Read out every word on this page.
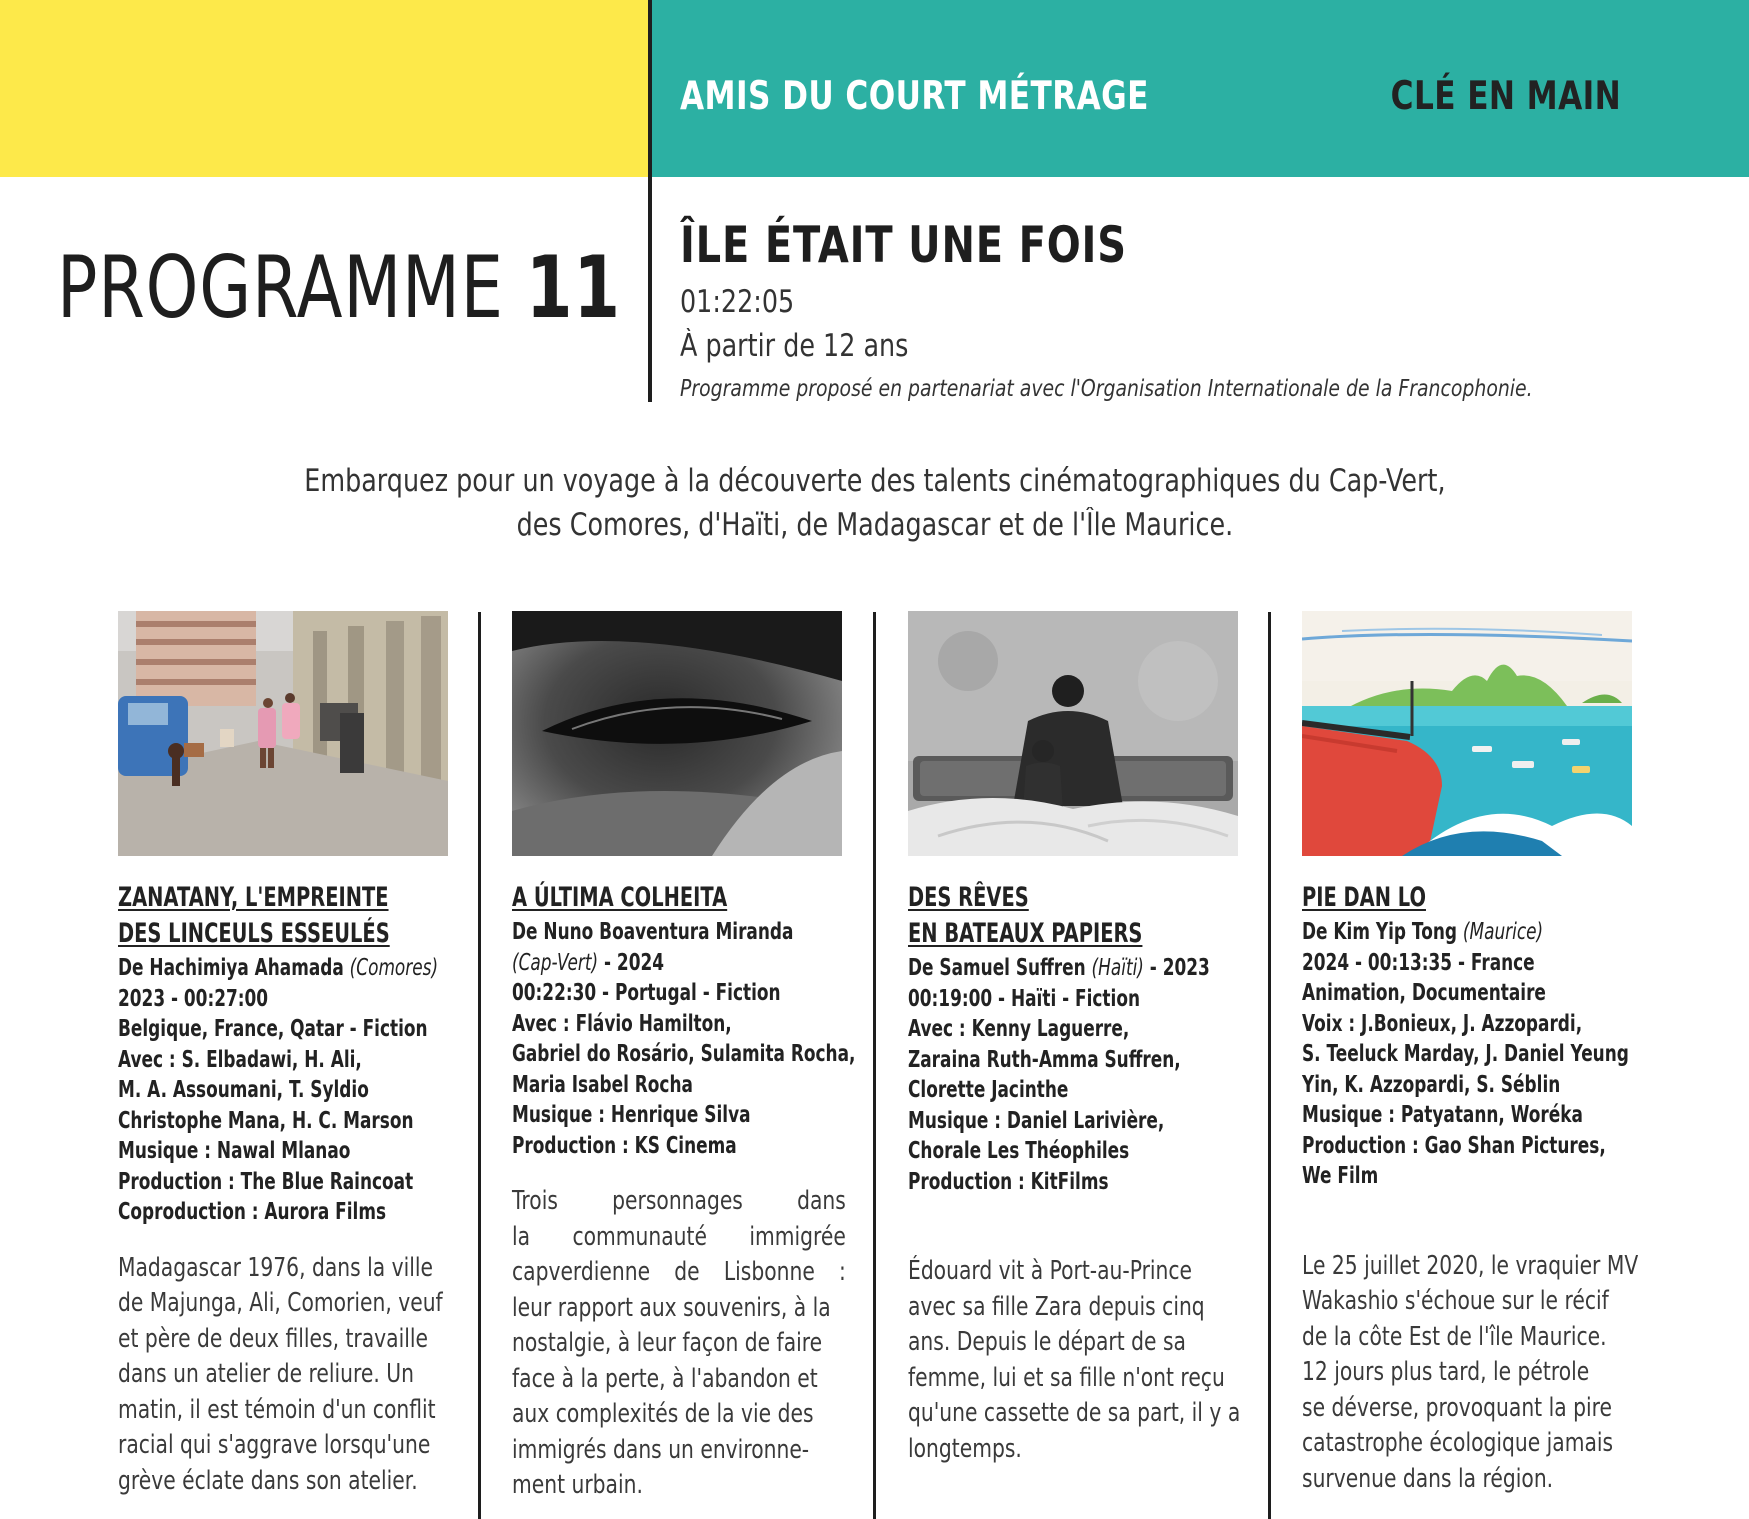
CLÉ EN MAIN
AMIS DU COURT MÉTRAGE
PROGRAMME 11 ÎLE ÉTAIT UNE FOIS
01:22:05
À partir de 12 ans
Programme proposé en partenariat avec l'Organisation Internationale de la Francophonie.
Embarquez pour un voyage à la découverte des talents cinématographiques du Cap-Vert,
des Comores, d'Haïti, de Madagascar et de l'Île Maurice.
ZANATANY, L'EMPREINTE
DES LINCEULS ESSEULÉS
De Hachimiya Ahamada (Comores)
2023 - 00:27:00
Belgique, France, Qatar - Fiction
Avec : S. Elbadawi, H. Ali,
M. A. Assoumani, T. Syldio
Christophe Mana, H. C. Marson
Musique : Nawal Mlanao
Production : The Blue Raincoat
Coproduction : Aurora Films
Madagascar 1976, dans la ville
de Majunga, Ali, Comorien, veuf
et père de deux filles, travaille
dans un atelier de reliure. Un
matin, il est témoin d'un conflit
racial qui s'aggrave lorsqu'une
grève éclate dans son atelier.
A ÚLTIMA COLHEITA
De Nuno Boaventura Miranda
(Cap-Vert) - 2024
00:22:30 - Portugal - Fiction
Avec : Flávio Hamilton,
Gabriel do Rosário, Sulamita Rocha,
Maria Isabel Rocha
Musique : Henrique Silva
Production : KS Cinema
Trois personnages dans
la communauté immigrée
capverdienne de Lisbonne :
leur rapport aux souvenirs, à la
nostalgie, à leur façon de faire
face à la perte, à l'abandon et
aux complexités de la vie des
immigrés dans un environne-
ment urbain.
DES RÊVES
EN BATEAUX PAPIERS
De Samuel Suffren (Haïti) - 2023
00:19:00 - Haïti - Fiction
Avec : Kenny Laguerre,
Zaraina Ruth-Amma Suffren,
Clorette Jacinthe
Musique : Daniel Larivière,
Chorale Les Théophiles
Production : KitFilms
Édouard vit à Port-au-Prince
avec sa fille Zara depuis cinq
ans. Depuis le départ de sa
femme, lui et sa fille n'ont reçu
qu'une cassette de sa part, il y a
longtemps.
PIE DAN LO
De Kim Yip Tong (Maurice)
2024 - 00:13:35 - France
Animation, Documentaire
Voix : J.Bonieux, J. Azzopardi,
S. Teeluck Marday, J. Daniel Yeung
Yin, K. Azzopardi, S. Séblin
Musique : Patyatann, Woréka
Production : Gao Shan Pictures,
We Film
Le 25 juillet 2020, le vraquier MV
Wakashio s'échoue sur le récif
de la côte Est de l'île Maurice.
12 jours plus tard, le pétrole
se déverse, provoquant la pire
catastrophe écologique jamais
survenue dans la région.
